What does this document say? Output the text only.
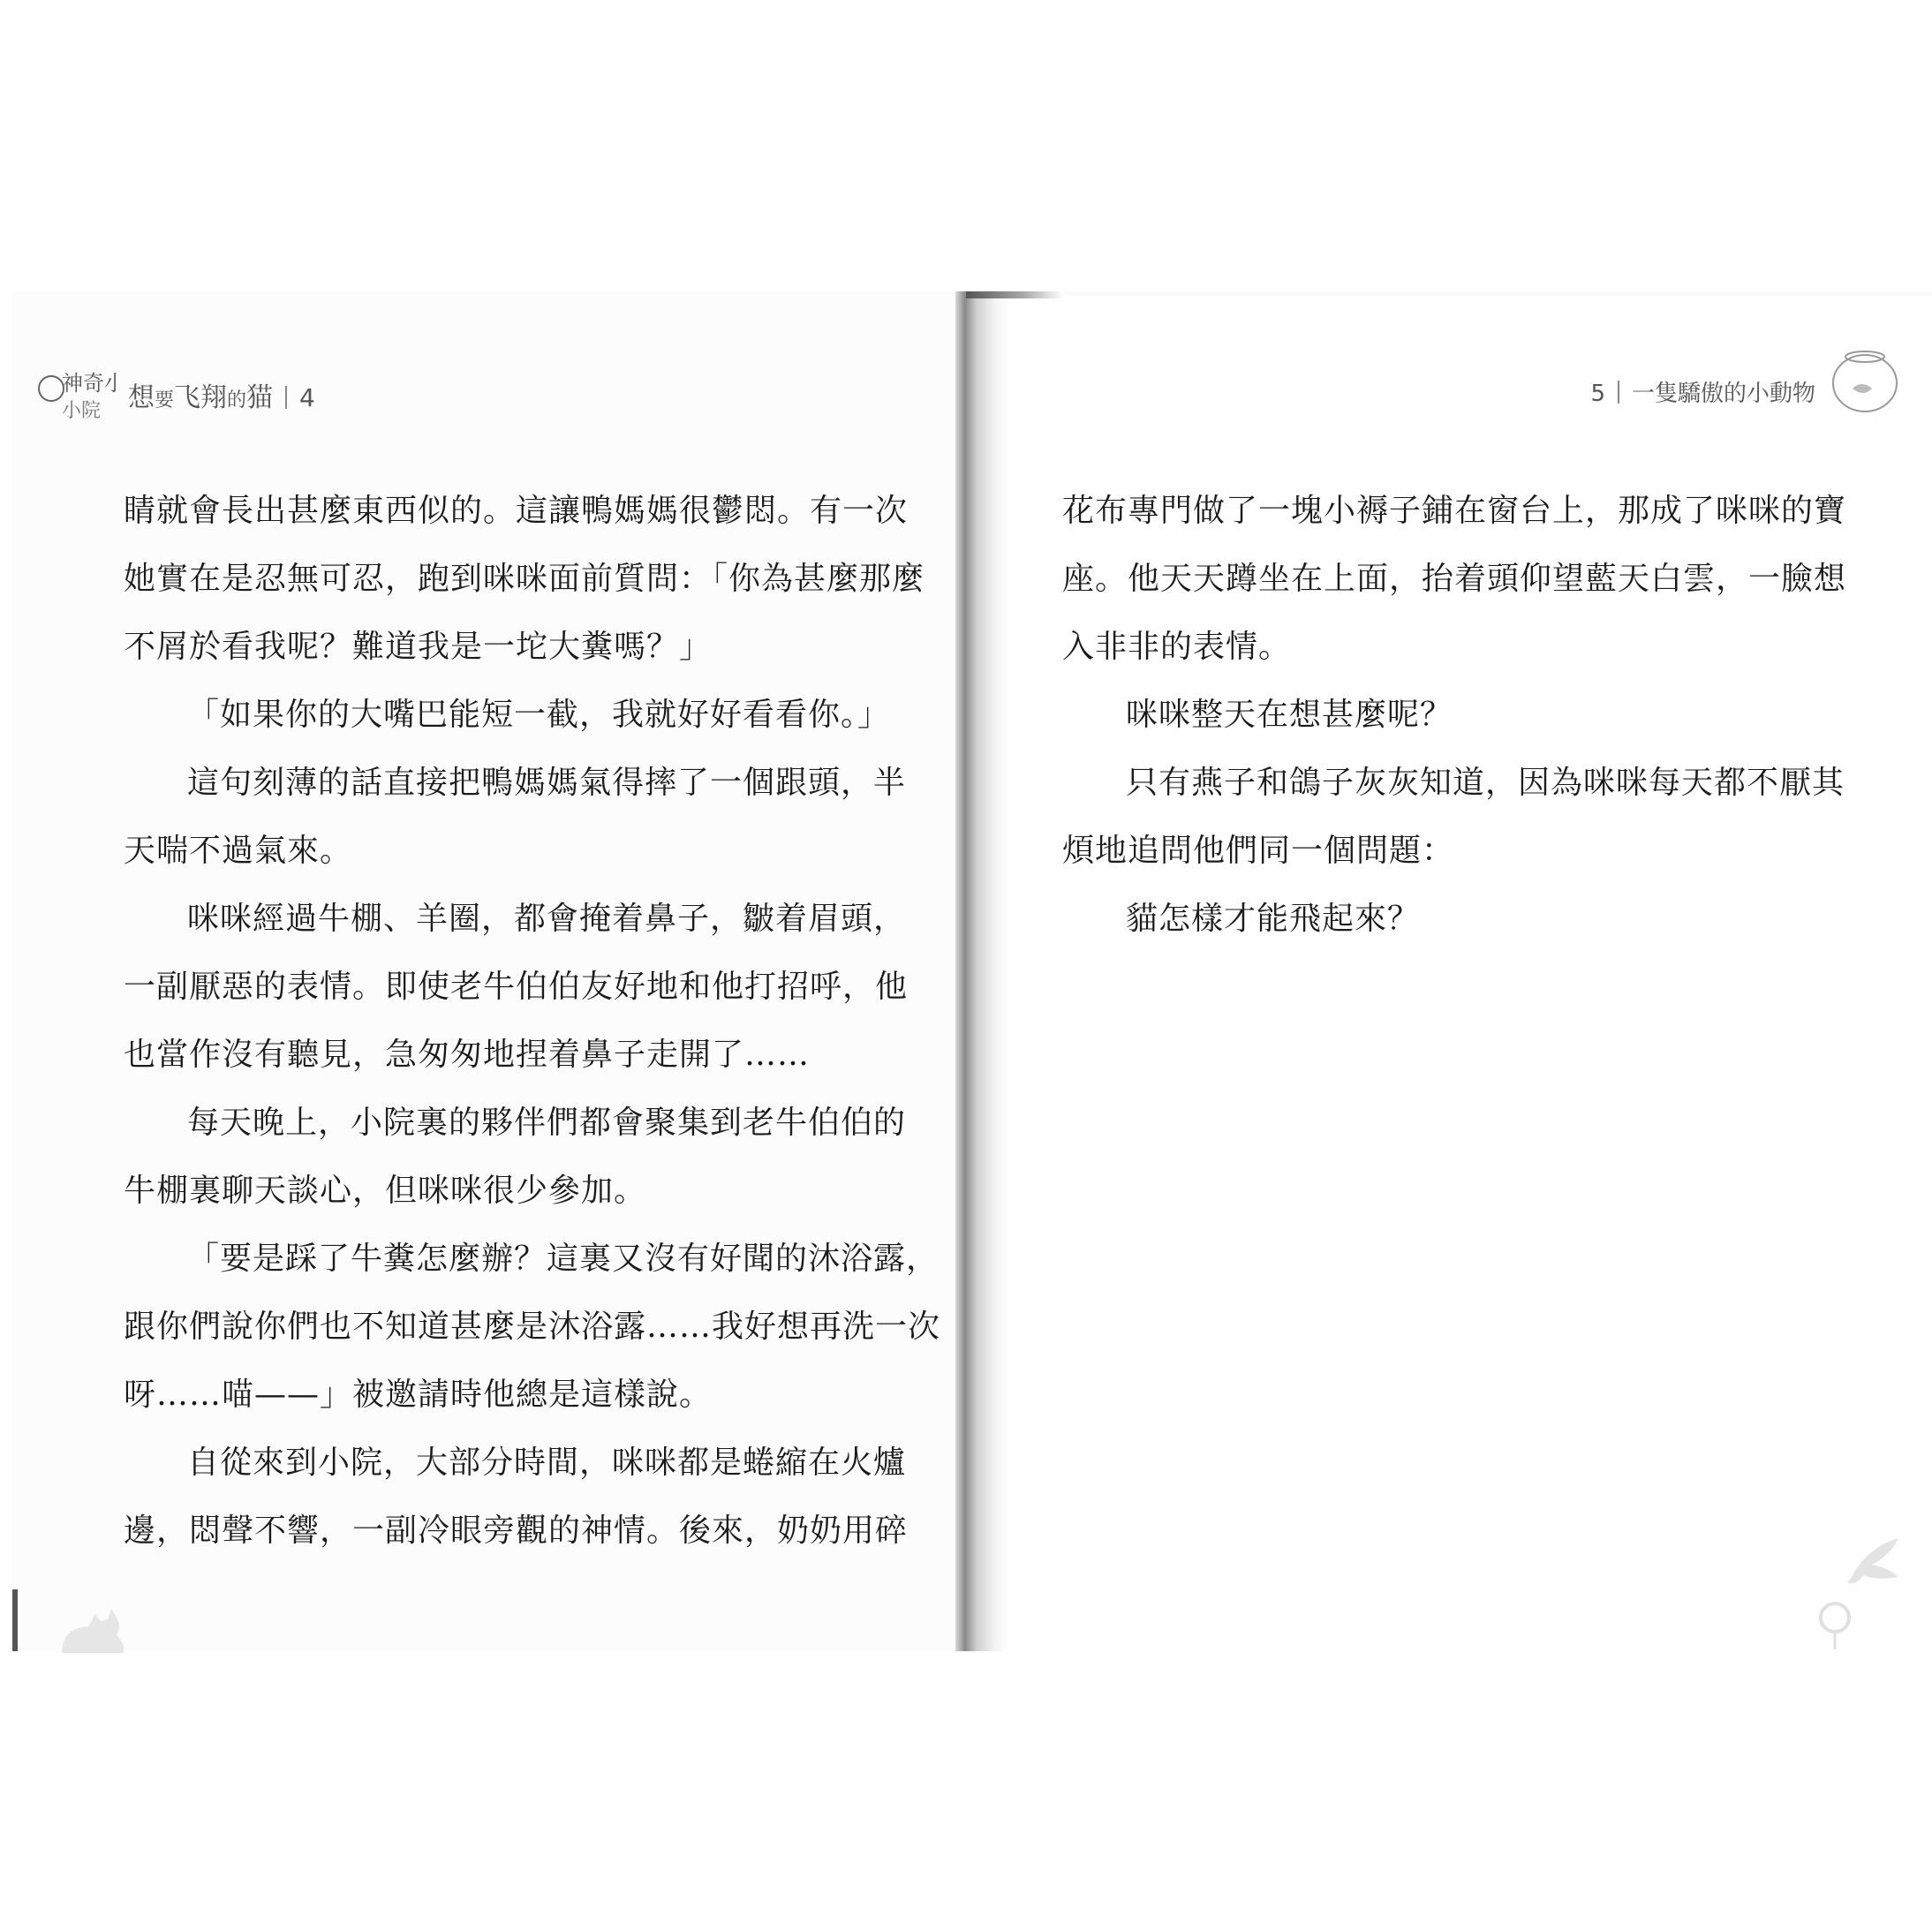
神奇小
小院 想要飞翔的猫 4	5 一隻驕傲的小動物
睛就會長出甚麼東西似的。這讓鴨媽媽很鬱悶。有一次
她實在是忍無可忍，跑到咪咪面前質問：「你為甚麼那麼
不屑於看我呢？難道我是一坨大糞嗎？」
「如果你的大嘴巴能短一截，我就好好看看你。」
這句刻薄的話直接把鴨媽媽氣得摔了一個跟頭，半
天喘不過氣來。
咪咪經過牛棚、羊圈，都會掩着鼻子，皺着眉頭，
一副厭惡的表情。即使老牛伯伯友好地和他打招呼，他
也當作沒有聽見，急匆匆地捏着鼻子走開了……
每天晚上，小院裏的夥伴們都會聚集到老牛伯伯的
牛棚裏聊天談心，但咪咪很少參加。
「要是踩了牛糞怎麼辦？這裏又沒有好聞的沐浴露，
跟你們說你們也不知道甚麼是沐浴露……我好想再洗一次
呀……喵——」被邀請時他總是這樣說。
自從來到小院，大部分時間，咪咪都是蜷縮在火爐
邊，悶聲不響，一副冷眼旁觀的神情。後來，奶奶用碎
花布專門做了一塊小褥子鋪在窗台上，那成了咪咪的寶
座。他天天蹲坐在上面，抬着頭仰望藍天白雲，一臉想
入非非的表情。
咪咪整天在想甚麼呢？
只有燕子和鴿子灰灰知道，因為咪咪每天都不厭其
煩地追問他們同一個問題：
貓怎樣才能飛起來？
